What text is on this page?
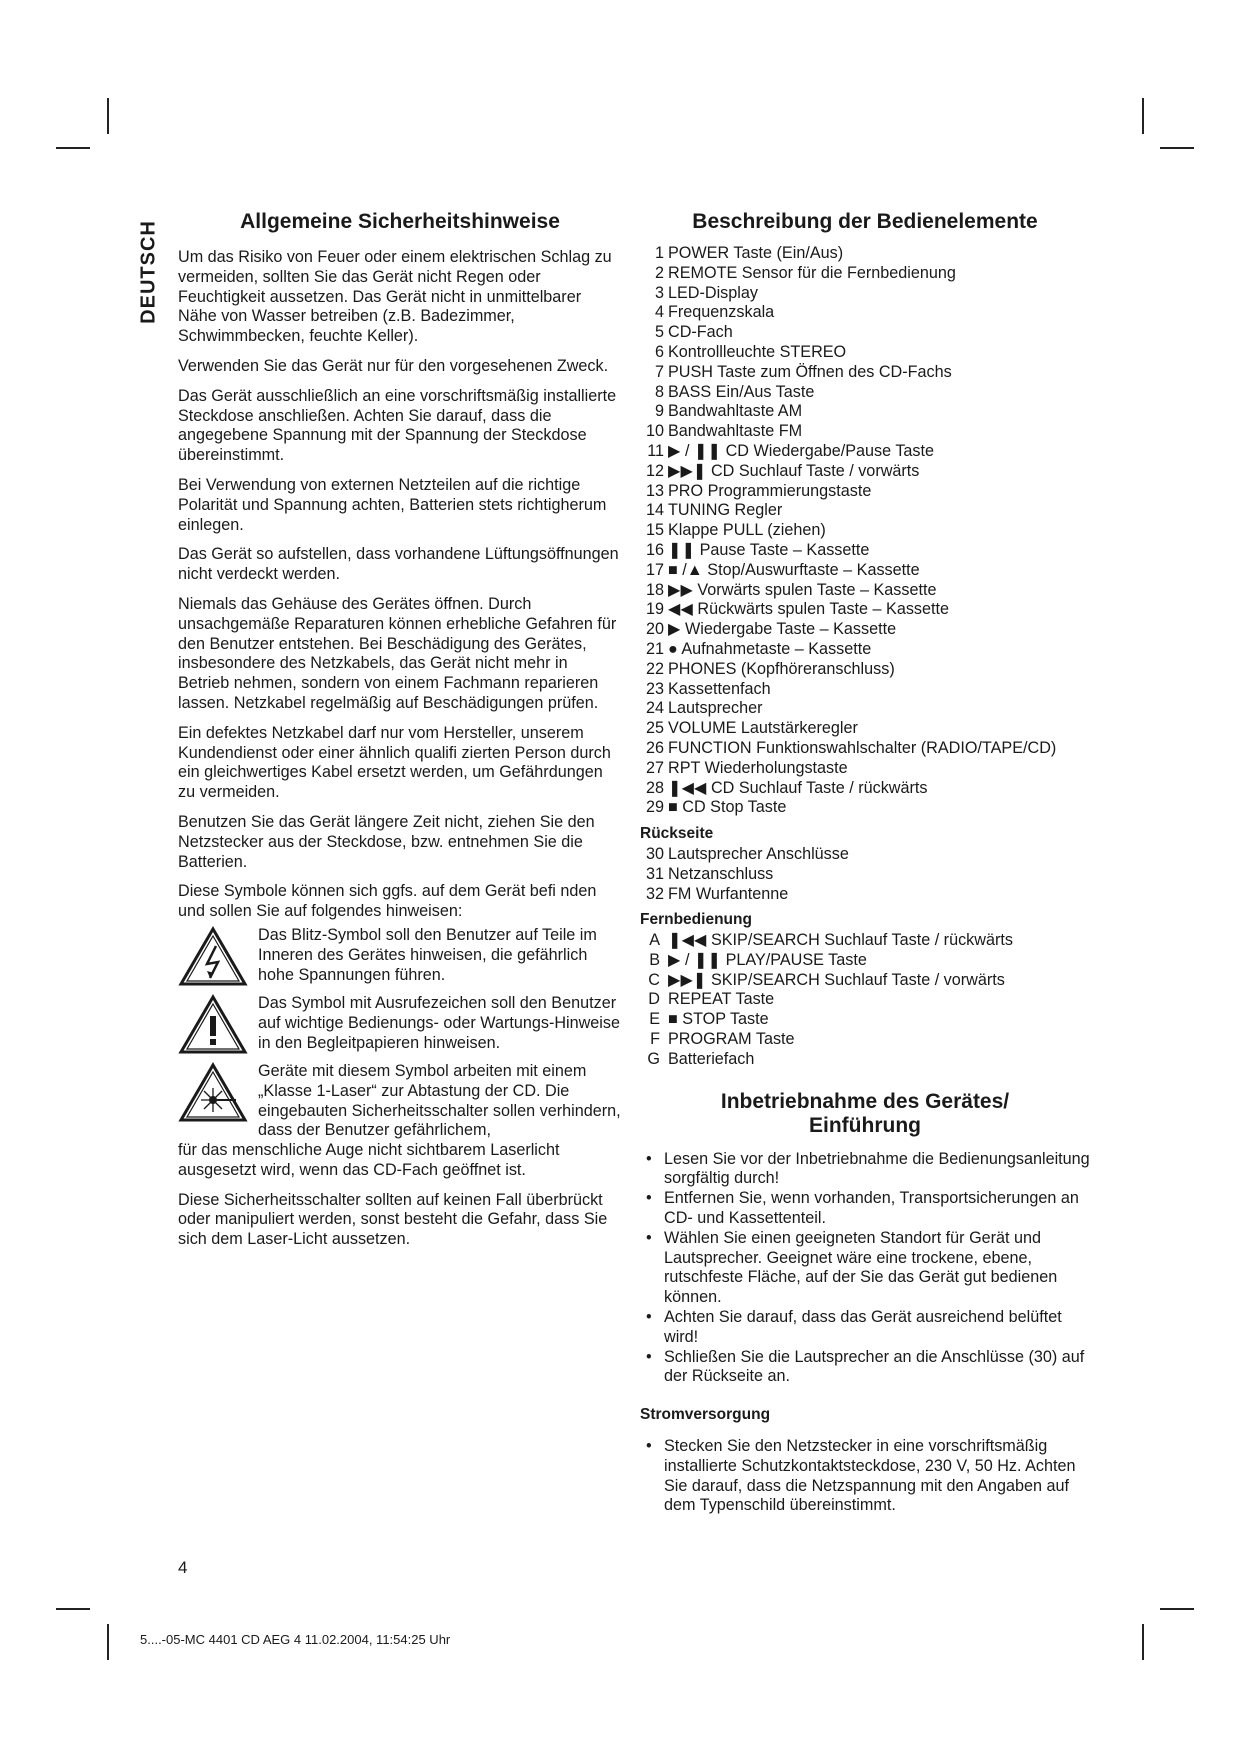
DEUTSCH	Allgemeine Sicherheitshinweise

Um das Risiko von Feuer oder einem elektrischen Schlag zu vermeiden, sollten Sie das Gerät nicht Regen oder Feuchtigkeit aussetzen. Das Gerät nicht in unmittelbarer Nähe von Wasser betreiben (z.B. Badezimmer, Schwimmbecken, feuchte Keller).

Verwenden Sie das Gerät nur für den vorgesehenen Zweck.

Das Gerät ausschließlich an eine vorschriftsmäßig installierte Steckdose anschließen. Achten Sie darauf, dass die angegebene Spannung mit der Spannung der Steckdose übereinstimmt.

Bei Verwendung von externen Netzteilen auf die richtige Polarität und Spannung achten, Batterien stets richtigherum einlegen.

Das Gerät so aufstellen, dass vorhandene Lüftungsöffnungen nicht verdeckt werden.

Niemals das Gehäuse des Gerätes öffnen. Durch unsachgemäße Reparaturen können erhebliche Gefahren für den Benutzer entstehen. Bei Beschädigung des Gerätes, insbesondere des Netzkabels, das Gerät nicht mehr in Betrieb nehmen, sondern von einem Fachmann reparieren lassen. Netzkabel regelmäßig auf Beschädigungen prüfen.

Ein defektes Netzkabel darf nur vom Hersteller, unserem Kundendienst oder einer ähnlich qualifi zierten Person durch ein gleichwertiges Kabel ersetzt werden, um Gefährdungen zu vermeiden.

Benutzen Sie das Gerät längere Zeit nicht, ziehen Sie den Netzstecker aus der Steckdose, bzw. entnehmen Sie die Batterien.

Diese Symbole können sich ggfs. auf dem Gerät befi nden und sollen Sie auf folgendes hinweisen:

Das Blitz-Symbol soll den Benutzer auf Teile im Inneren des Gerätes hinweisen, die gefährlich hohe Spannungen führen.
Das Symbol mit Ausrufezeichen soll den Benutzer auf wichtige Bedienungs- oder Wartungs-Hinweise in den Begleitpapieren hinweisen.
Geräte mit diesem Symbol arbeiten mit einem „Klasse 1-Laser“ zur Abtastung der CD. Die eingebauten Sicherheitsschalter sollen verhindern, dass der Benutzer gefährlichem,

für das menschliche Auge nicht sichtbarem Laserlicht ausgesetzt wird, wenn das CD-Fach geöffnet ist.

Diese Sicherheitsschalter sollten auf keinen Fall überbrückt oder manipuliert werden, sonst besteht die Gefahr, dass Sie sich dem Laser-Licht aussetzen.

Beschreibung der Bedienelemente
1 POWER Taste (Ein/Aus)
2 REMOTE Sensor für die Fernbedienung
3 LED-Display
4 Frequenzskala
5 CD-Fach
6 Kontrollleuchte STEREO
7 PUSH Taste zum Öffnen des CD-Fachs
8 BASS Ein/Aus Taste
9 Bandwahltaste AM
10 Bandwahltaste FM
11 ▶ / ❚❚ CD Wiedergabe/Pause Taste
12 ▶▶❚ CD Suchlauf Taste / vorwärts
13 PRO Programmierungstaste
14 TUNING Regler
15 Klappe PULL (ziehen)
16 ❚❚ Pause Taste – Kassette
17 ■ /▲ Stop/Auswurftaste – Kassette
18 ▶▶ Vorwärts spulen Taste – Kassette
19 ◀◀ Rückwärts spulen Taste – Kassette
20 ▶ Wiedergabe Taste – Kassette
21 ● Aufnahmetaste – Kassette
22 PHONES (Kopfhöreranschluss)
23 Kassettenfach
24 Lautsprecher
25 VOLUME Lautstärkeregler
26 FUNCTION Funktionswahlschalter (RADIO/TAPE/CD)
27 RPT Wiederholungstaste
28 ❚◀◀ CD Suchlauf Taste / rückwärts
29 ■ CD Stop Taste
Rückseite
30 Lautsprecher Anschlüsse
31 Netzanschluss
32 FM Wurfantenne
Fernbedienung
A ❚◀◀ SKIP/SEARCH Suchlauf Taste / rückwärts
B ▶ / ❚❚ PLAY/PAUSE Taste
C ▶▶❚ SKIP/SEARCH Suchlauf Taste / vorwärts
D REPEAT Taste
E ■ STOP Taste
F PROGRAM Taste
G Batteriefach
Inbetriebnahme des Gerätes/
Einführung
• Lesen Sie vor der Inbetriebnahme die Bedienungsanleitung sorgfältig durch!
• Entfernen Sie, wenn vorhanden, Transportsicherungen an CD- und Kassettenteil.
• Wählen Sie einen geeigneten Standort für Gerät und Lautsprecher. Geeignet wäre eine trockene, ebene, rutschfeste Fläche, auf der Sie das Gerät gut bedienen können.
• Achten Sie darauf, dass das Gerät ausreichend belüftet wird!
• Schließen Sie die Lautsprecher an die Anschlüsse (30) auf der Rückseite an.
Stromversorgung
• Stecken Sie den Netzstecker in eine vorschriftsmäßig installierte Schutzkontaktsteckdose, 230 V, 50 Hz. Achten Sie darauf, dass die Netzspannung mit den Angaben auf dem Typenschild übereinstimmt.
4
5....-05-MC 4401 CD AEG 4 11.02.2004, 11:54:25 Uhr
